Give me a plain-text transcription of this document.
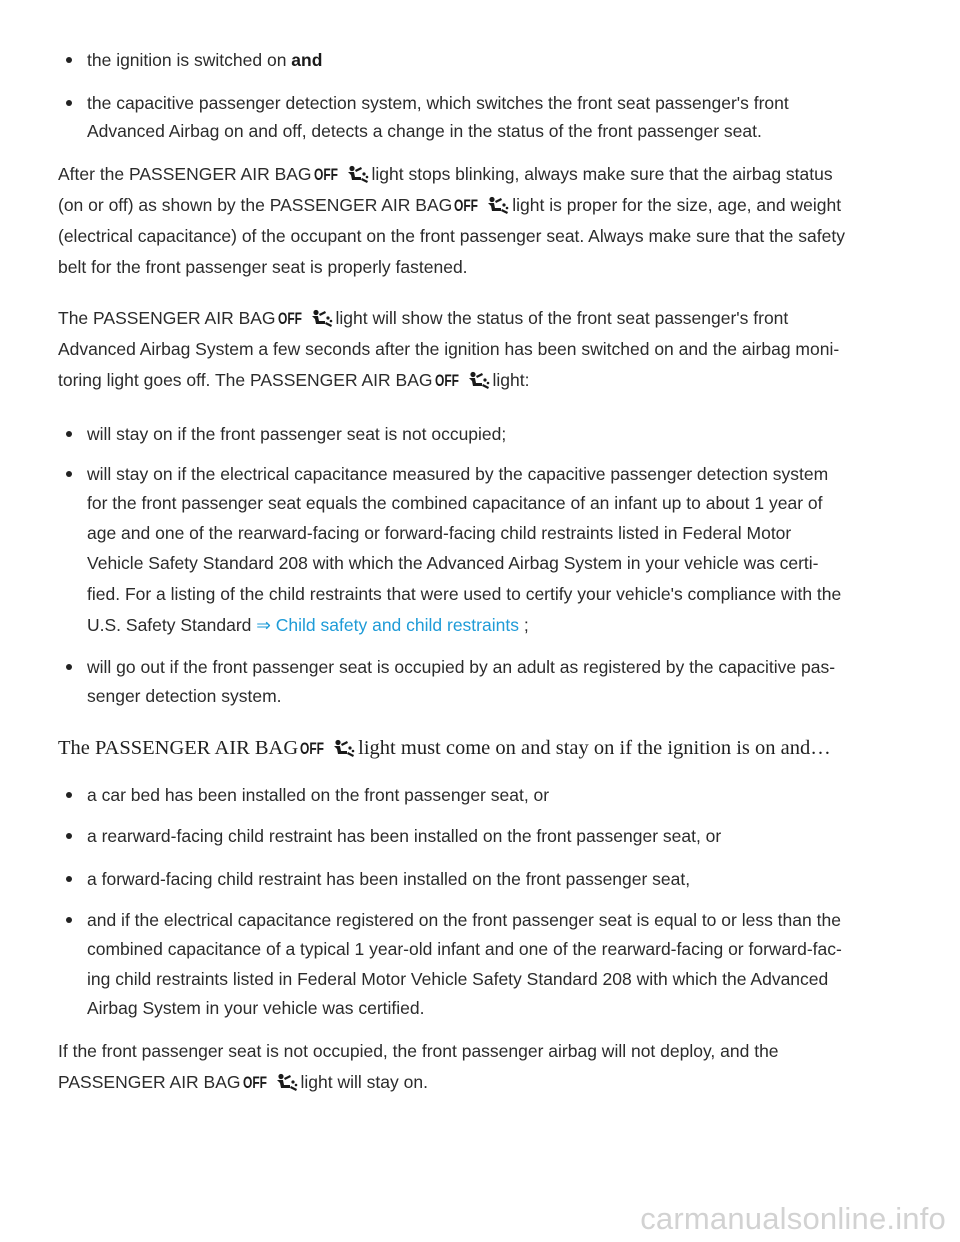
the ignition is switched on and
the capacitive passenger detection system, which switches the front seat passenger's front
Advanced Airbag on and off, detects a change in the status of the front passenger seat.
After the PASSENGER AIR BAG OFF light stops blinking, always make sure that the airbag status
(on or off) as shown by the PASSENGER AIR BAG OFF light is proper for the size, age, and weight
(electrical capacitance) of the occupant on the front passenger seat. Always make sure that the safety
belt for the front passenger seat is properly fastened.
The PASSENGER AIR BAG OFF light will show the status of the front seat passenger's front
Advanced Airbag System a few seconds after the ignition has been switched on and the airbag moni-
toring light goes off. The PASSENGER AIR BAG OFF light:
will stay on if the front passenger seat is not occupied;
will stay on if the electrical capacitance measured by the capacitive passenger detection system
for the front passenger seat equals the combined capacitance of an infant up to about 1 year of
age and one of the rearward-facing or forward-facing child restraints listed in Federal Motor
Vehicle Safety Standard 208 with which the Advanced Airbag System in your vehicle was certi-
fied. For a listing of the child restraints that were used to certify your vehicle's compliance with the
U.S. Safety Standard ⇒ Child safety and child restraints ;
will go out if the front passenger seat is occupied by an adult as registered by the capacitive pas-
senger detection system.
The PASSENGER AIR BAG OFF light must come on and stay on if the ignition is on and…
a car bed has been installed on the front passenger seat, or
a rearward-facing child restraint has been installed on the front passenger seat, or
a forward-facing child restraint has been installed on the front passenger seat,
and if the electrical capacitance registered on the front passenger seat is equal to or less than the
combined capacitance of a typical 1 year-old infant and one of the rearward-facing or forward-fac-
ing child restraints listed in Federal Motor Vehicle Safety Standard 208 with which the Advanced
Airbag System in your vehicle was certified.
If the front passenger seat is not occupied, the front passenger airbag will not deploy, and the
PASSENGER AIR BAG OFF light will stay on.
carmanualsonline.info
